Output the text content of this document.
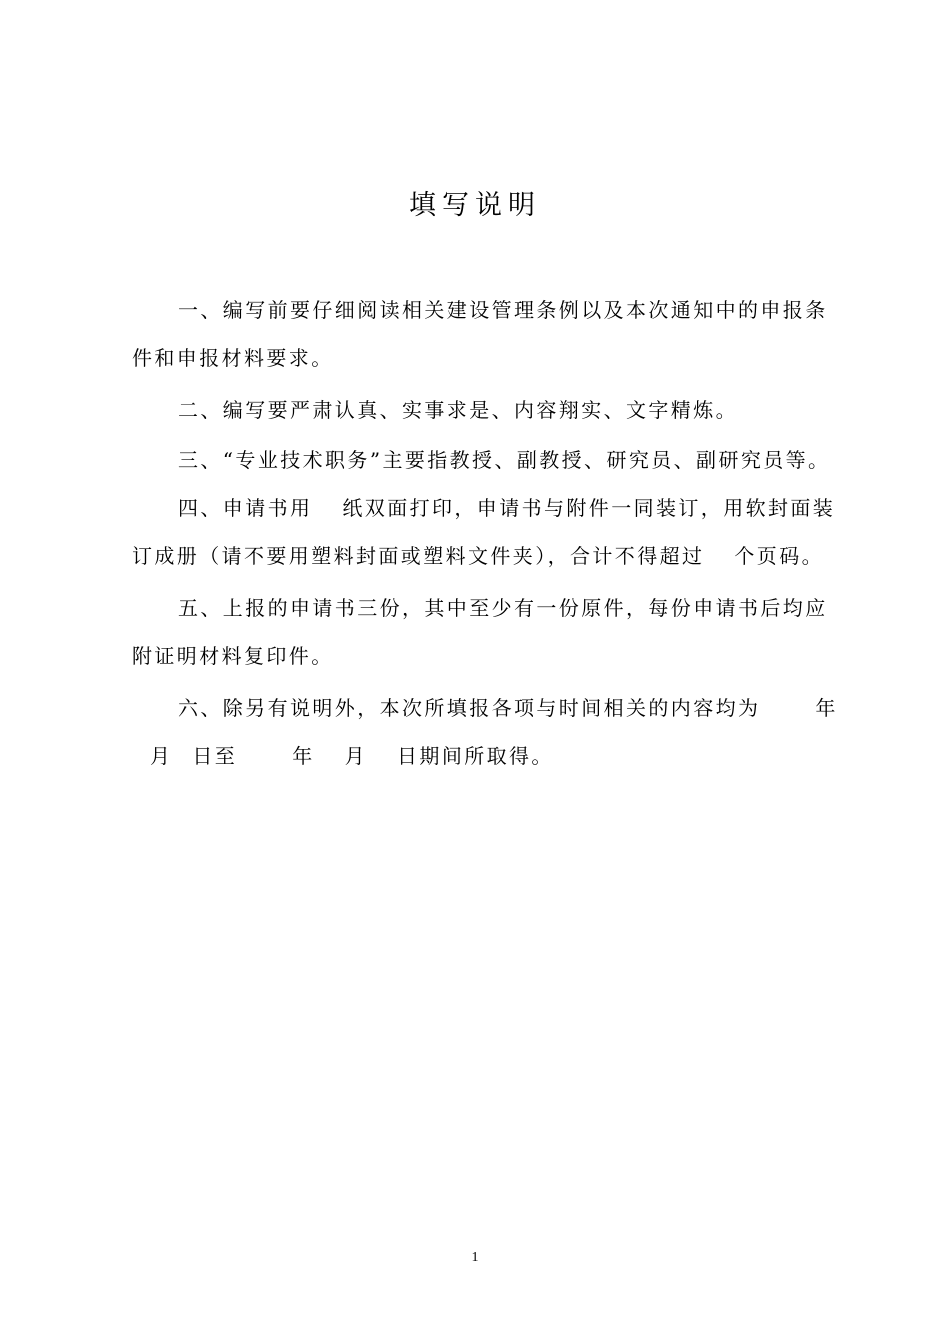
填写说明
一、编写前要仔细阅读相关建设管理条例以及本次通知中的申报条
件和申报材料要求。
二、编写要严肃认真、实事求是、内容翔实、文字精炼。
三、“专业技术职务”主要指教授、副教授、研究员、副研究员等。
四、申请书用 纸双面打印，申请书与附件一同装订，用软封面装
订成册（请不要用塑料封面或塑料文件夹），合计不得超过 个页码。
五、上报的申请书三份，其中至少有一份原件，每份申请书后均应
附证明材料复印件。
六、除另有说明外，本次所填报各项与时间相关的内容均为	年
月 日至	年 月 日期间所取得。
1
